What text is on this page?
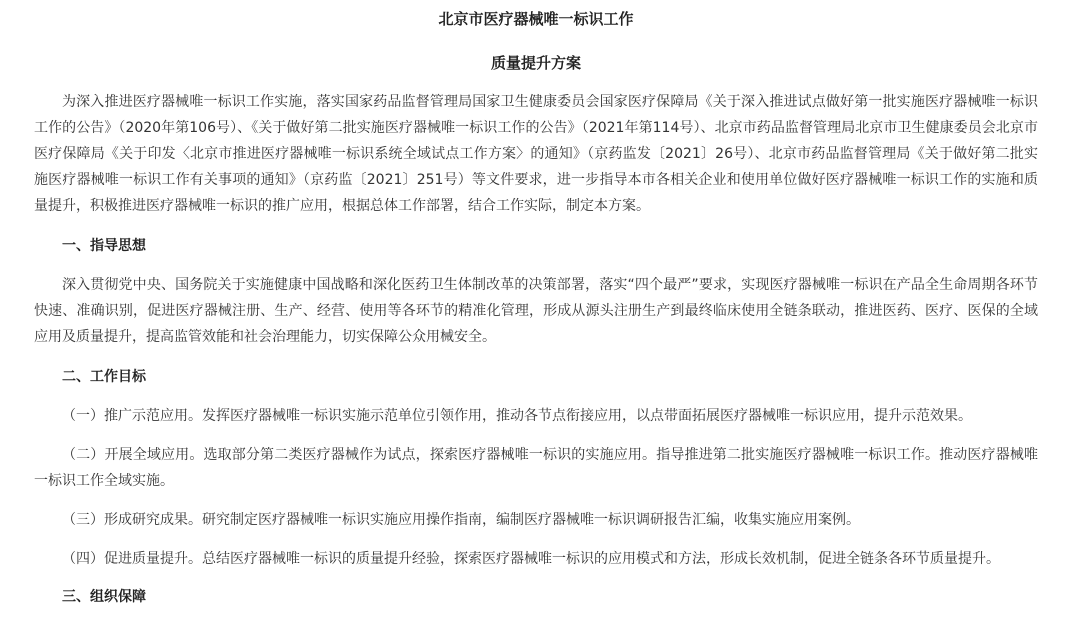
北京市医疗器械唯一标识工作
质量提升方案

为深入推进医疗器械唯一标识工作实施，落实国家药品监督管理局国家卫生健康委员会国家医疗保障局《关于深入推进试点做好第一批实施医疗器械唯一标识工作的公告》（2020年第106号）、《关于做好第二批实施医疗器械唯一标识工作的公告》（2021年第114号）、北京市药品监督管理局北京市卫生健康委员会北京市医疗保障局《关于印发〈北京市推进医疗器械唯一标识系统全域试点工作方案〉的通知》（京药监发〔2021〕26号）、北京市药品监督管理局《关于做好第二批实施医疗器械唯一标识工作有关事项的通知》（京药监〔2021〕251号）等文件要求，进一步指导本市各相关企业和使用单位做好医疗器械唯一标识工作的实施和质量提升，积极推进医疗器械唯一标识的推广应用，根据总体工作部署，结合工作实际，制定本方案。

一、指导思想

深入贯彻党中央、国务院关于实施健康中国战略和深化医药卫生体制改革的决策部署，落实“四个最严”要求，实现医疗器械唯一标识在产品全生命周期各环节快速、准确识别，促进医疗器械注册、生产、经营、使用等各环节的精准化管理，形成从源头注册生产到最终临床使用全链条联动，推进医药、医疗、医保的全域应用及质量提升，提高监管效能和社会治理能力，切实保障公众用械安全。

二、工作目标

（一）推广示范应用。发挥医疗器械唯一标识实施示范单位引领作用，推动各节点衔接应用，以点带面拓展医疗器械唯一标识应用，提升示范效果。

（二）开展全域应用。选取部分第二类医疗器械作为试点，探索医疗器械唯一标识的实施应用。指导推进第二批实施医疗器械唯一标识工作。推动医疗器械唯一标识工作全域实施。

（三）形成研究成果。研究制定医疗器械唯一标识实施应用操作指南，编制医疗器械唯一标识调研报告汇编，收集实施应用案例。

（四）促进质量提升。总结医疗器械唯一标识的质量提升经验，探索医疗器械唯一标识的应用模式和方法，形成长效机制，促进全链条各环节质量提升。

三、组织保障
